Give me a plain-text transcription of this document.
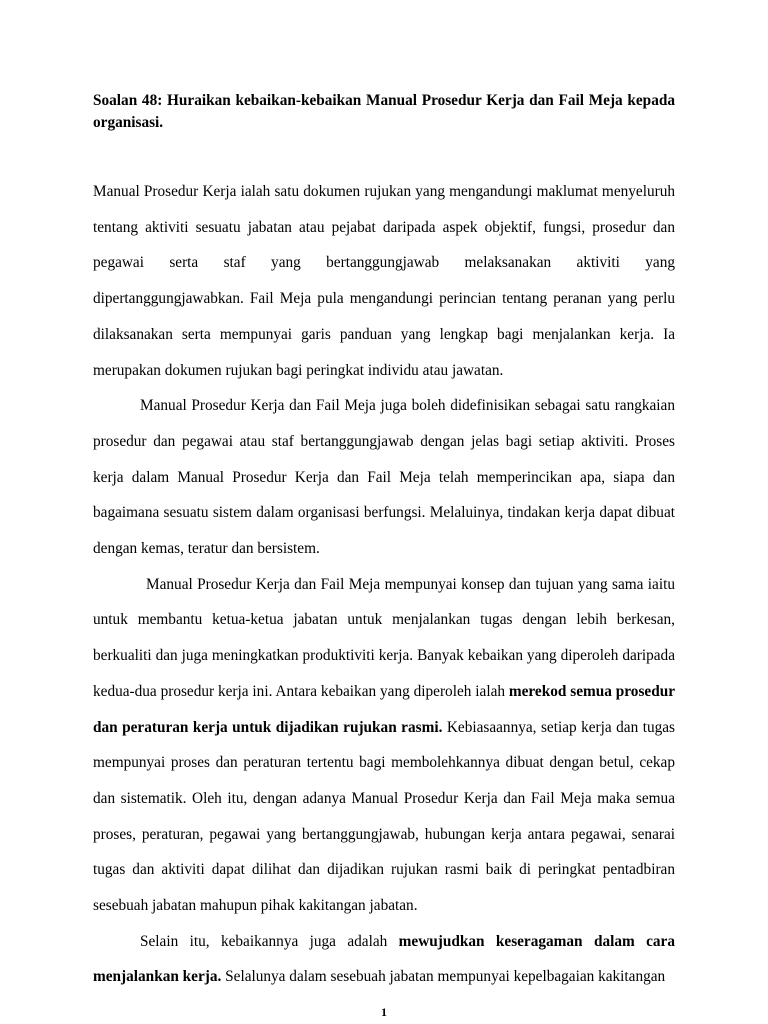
Soalan 48: Huraikan kebaikan-kebaikan Manual Prosedur Kerja dan Fail Meja kepada organisasi.

Manual Prosedur Kerja ialah satu dokumen rujukan yang mengandungi maklumat menyeluruh tentang aktiviti sesuatu jabatan atau pejabat daripada aspek objektif, fungsi, prosedur dan pegawai serta staf yang bertanggungjawab melaksanakan aktiviti yang dipertanggungjawabkan. Fail Meja pula mengandungi perincian tentang peranan yang perlu dilaksanakan serta mempunyai garis panduan yang lengkap bagi menjalankan kerja. Ia merupakan dokumen rujukan bagi peringkat individu atau jawatan.

Manual Prosedur Kerja dan Fail Meja juga boleh didefinisikan sebagai satu rangkaian prosedur dan pegawai atau staf bertanggungjawab dengan jelas bagi setiap aktiviti. Proses kerja dalam Manual Prosedur Kerja dan Fail Meja telah memperincikan apa, siapa dan bagaimana sesuatu sistem dalam organisasi berfungsi. Melaluinya, tindakan kerja dapat dibuat dengan kemas, teratur dan bersistem.

Manual Prosedur Kerja dan Fail Meja mempunyai konsep dan tujuan yang sama iaitu untuk membantu ketua-ketua jabatan untuk menjalankan tugas dengan lebih berkesan, berkualiti dan juga meningkatkan produktiviti kerja. Banyak kebaikan yang diperoleh daripada kedua-dua prosedur kerja ini. Antara kebaikan yang diperoleh ialah merekod semua prosedur dan peraturan kerja untuk dijadikan rujukan rasmi. Kebiasaannya, setiap kerja dan tugas mempunyai proses dan peraturan tertentu bagi membolehkannya dibuat dengan betul, cekap dan sistematik. Oleh itu, dengan adanya Manual Prosedur Kerja dan Fail Meja maka semua proses, peraturan, pegawai yang bertanggungjawab, hubungan kerja antara pegawai, senarai tugas dan aktiviti dapat dilihat dan dijadikan rujukan rasmi baik di peringkat pentadbiran sesebuah jabatan mahupun pihak kakitangan jabatan.

Selain itu, kebaikannya juga adalah mewujudkan keseragaman dalam cara menjalankan kerja. Selalunya dalam sesebuah jabatan mempunyai kepelbagaian kakitangan

1
